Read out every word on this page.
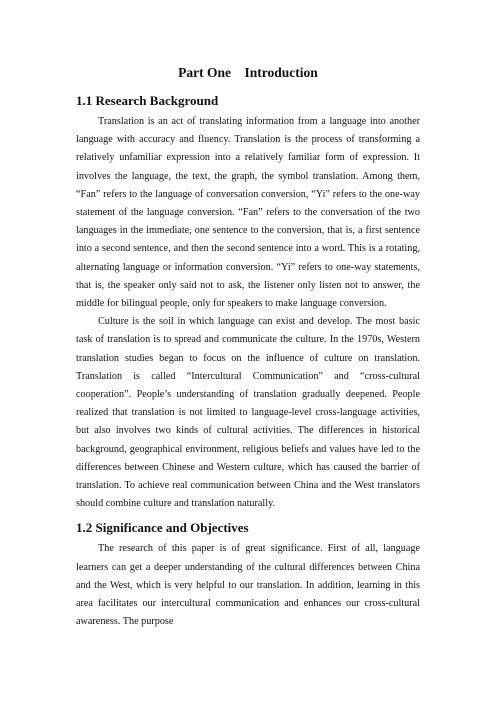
Part One    Introduction
1.1 Research Background

Translation is an act of translating information from a language into another language with accuracy and fluency. Translation is the process of transforming a relatively unfamiliar expression into a relatively familiar form of expression. It involves the language, the text, the graph, the symbol translation. Among them, “Fan” refers to the language of conversation conversion, “Yi” refers to the one-way statement of the language conversion. “Fan” refers to the conversation of the two languages in the immediate, one sentence to the conversion, that is, a first sentence into a second sentence, and then the second sentence into a word. This is a rotating, alternating language or information conversion. “Yi” refers to one-way statements, that is, the speaker only said not to ask, the listener only listen not to answer, the middle for bilingual people, only for speakers to make language conversion.

Culture is the soil in which language can exist and develop. The most basic task of translation is to spread and communicate the culture. In the 1970s, Western translation studies began to focus on the influence of culture on translation. Translation is called “Intercultural Communication” and “cross-cultural cooperation”. People’s understanding of translation gradually deepened. People realized that translation is not limited to language-level cross-language activities, but also involves two kinds of cultural activities. The differences in historical background, geographical environment, religious beliefs and values have led to the differences between Chinese and Western culture, which has caused the barrier of translation. To achieve real communication between China and the West translators should combine culture and translation naturally.

1.2 Significance and Objectives

The research of this paper is of great significance. First of all, language learners can get a deeper understanding of the cultural differences between China and the West, which is very helpful to our translation. In addition, learning in this area facilitates our intercultural communication and enhances our cross-cultural awareness. The purpose
